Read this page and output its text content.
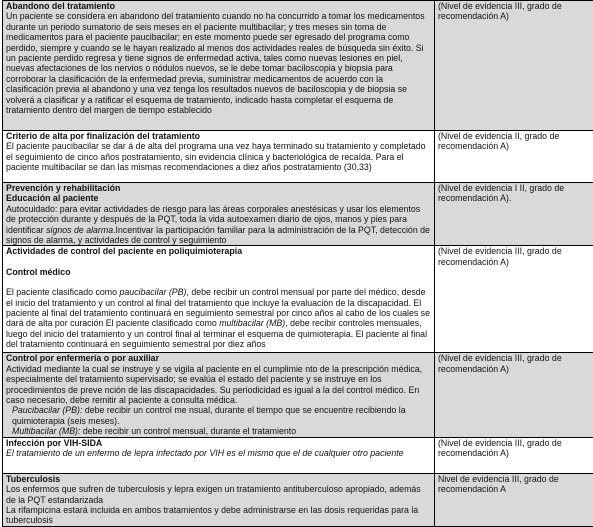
Abandono del tratamiento
Un paciente se considera en abandono del tratamiento cuando no ha concurrido a tomar los medicamentos durante un periodo sumatorio de seis meses en el paciente multibacilar; y tres meses sin toma de medicamentos para el paciente paucibacilar; en este momento puede ser egresado del programa como perdido, siempre y cuando se le hayan realizado al menos dos actividades reales de búsqueda sin éxito. Si un paciente perdido regresa y tiene signos de enfermedad activa, tales como nuevas lesiones en piel, nuevas afectaciones de los nervios o nódulos nuevos, se le debe tomar baciloscopia y biopsia para corroborar la clasificación de la enfermedad previa, suministrar medicamentos de acuerdo con la clasificación previa al abandono y una vez tenga los resultados nuevos de baciloscopia y de biopsia se volverá a clasificar y a ratificar el esquema de tratamiento, indicado hasta completar el esquema de tratamiento dentro del margen de tiempo establecido	(Nivel de evidencia III, grado de recomendación A)

Criterio de alta por finalización del tratamiento
El paciente paucibacilar se dar á de alta del programa una vez haya terminado su tratamiento y completado el seguimiento de cinco años postratamiento, sin evidencia clínica y bacteriológica de recaída. Para el paciente multibacilar se dan las mismas recomendaciones a diez años postratamiento (30,33)	(Nivel de evidencia II, grado de recomendación A)

Prevención y rehabilitación
Educación al paciente
Autocuidado: para evitar actividades de riesgo para las áreas corporales anestésicas y usar los elementos de protección durante y después de la PQT, toda la vida autoexamen diario de ojos, manos y pies para identificar signos de alarma.Incentivar la participación familiar para la administración de la PQT, detección de signos de alarma, y actividades de control y seguimiento	(Nivel de evidencia I II, grado de recomendación A).

Actividades de control del paciente en poliquimioterapia
Control médico
El paciente clasificado como paucibacilar (PB), debe recibir un control mensual por parte del médico, desde el inicio del tratamiento y un control al final del tratamiento que incluye la evaluación de la discapacidad. El paciente al final del tratamiento continuará en seguimiento semestral por cinco años al cabo de los cuales se dará de alta por curación El paciente clasificado como multibacilar (MB), debe recibir controles mensuales, luego del inicio del tratamiento y un control final al terminar el esquema de quimioterapia. El paciente al final del tratamiento continuará en seguimiento semestral por diez años	(Nivel de evidencia III, grado de recomendación A)

Control por enfermería o por auxiliar
Actividad mediante la cual se instruye y se vigila al paciente en el cumplimie nto de la prescripción médica, especialmente del tratamiento supervisado; se evalúa el estado del paciente y se instruye en los procedimientos de preve nción de las discapacidades. Su periodicidad es igual a la del control médico. En caso necesario, debe remitir al paciente a consulta médica.
Paucibacilar (PB): debe recibir un control me nsual, durante el tiempo que se encuentre recibiendo la quimioterapia (seis meses).
Multibacilar (MB): debe recibir un control mensual, durante el tratamiento	(Nivel de evidencia III, grado de recomendación A)

Infección por VIH-SIDA
El tratamiento de un enfermo de lepra infectado por VIH es el mismo que el de cualquier otro paciente	(Nivel de evidencia III, grado de recomendación A)

Tuberculosis
Los enfermos que sufren de tuberculosis y lepra exigen un tratamiento antituberculoso apropiado, además de la PQT estandarizada
La rifampicina estará incluida en ambos tratamientos y debe administrarse en las dosis requeridas para la tuberculosis	Nivel de evidencia III, grado de recomendación A
